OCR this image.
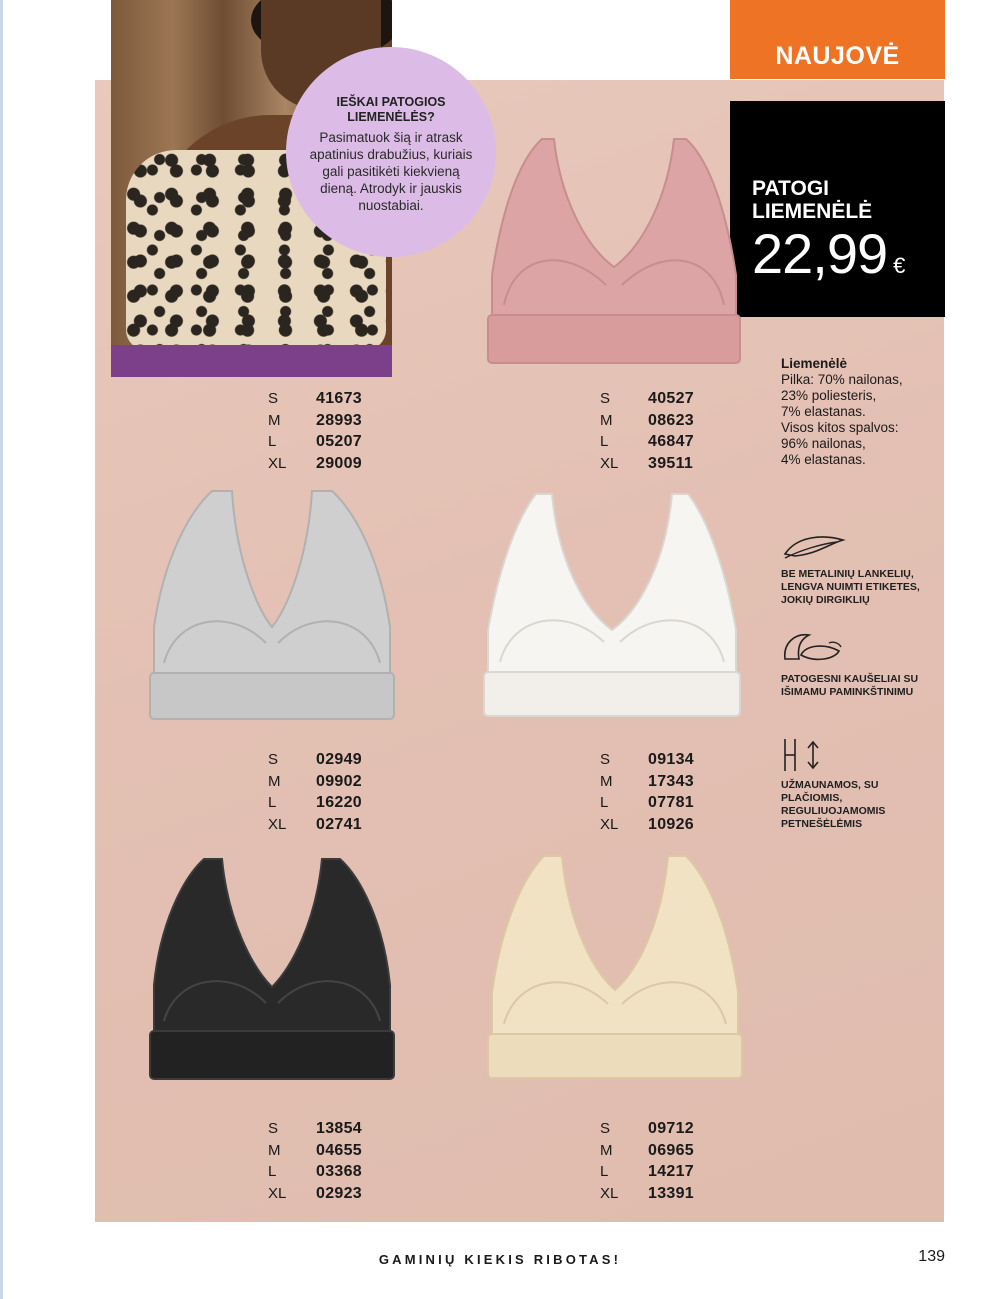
IEŠKAI PATOGIOS LIEMENĖLĖS?
Pasimatuok šią ir atrask apatinius drabužius, kuriais gali pasitikėti kiekvieną dieną. Atrodyk ir jauskis nuostabiai.
NAUJOVĖ
PATOGI
LIEMENĖLĖ
22,99 €
Liemenėlė
Pilka: 70% nailonas,
23% poliesteris,
7% elastanas.
Visos kitos spalvos:
96% nailonas,
4% elastanas.
BE METALINIŲ LANKELIŲ, LENGVA NUIMTI ETIKETES, JOKIŲ DIRGIKLIŲ
PATOGESNI KAUŠELIAI SU IŠIMAMU PAMINKŠTINIMU
UŽMAUNAMOS, SU PLAČIOMIS, REGULIUOJAMOMIS PETNEŠĖLĖMIS
S	41673
M	28993
L	05207
XL	29009
S	40527
M	08623
L	46847
XL	39511
S	02949
M	09902
L	16220
XL	02741
S	09134
M	17343
L	07781
XL	10926
S	13854
M	04655
L	03368
XL	02923
S	09712
M	06965
L	14217
XL	13391
GAMINIŲ KIEKIS RIBOTAS!	139
